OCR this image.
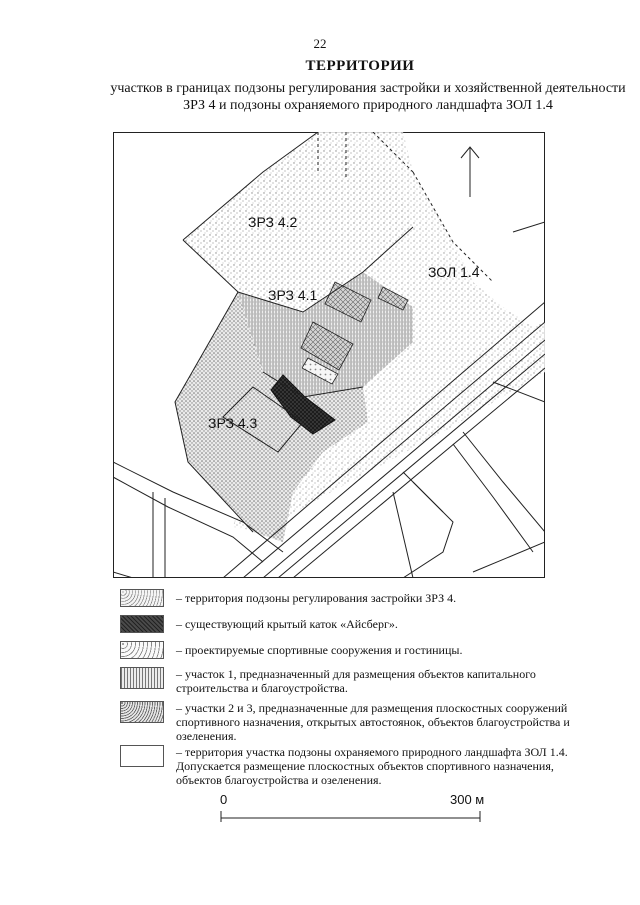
22
ТЕРРИТОРИИ
участков в границах подзоны регулирования застройки и хозяйственной деятельности ЗРЗ 4 и подзоны охраняемого природного ландшафта ЗОЛ 1.4
ЗРЗ 4.2
ЗРЗ 4.1
ЗРЗ 4.3
ЗОЛ 1.4
– территория подзоны регулирования застройки ЗРЗ 4.
– существующий крытый каток «Айсберг».
– проектируемые спортивные сооружения и гостиницы.
– участок 1, предназначенный для размещения объектов капитального строительства и благоустройства.
– участки 2 и 3, предназначенные для размещения плоскостных сооружений спортивного назначения, открытых автостоянок, объектов благоустройства и озеленения.
– территория участка подзоны охраняемого природного ландшафта ЗОЛ 1.4. Допускается размещение плоскостных объектов спортивного назначения, объектов благоустройства и озеленения.
0	300 м
